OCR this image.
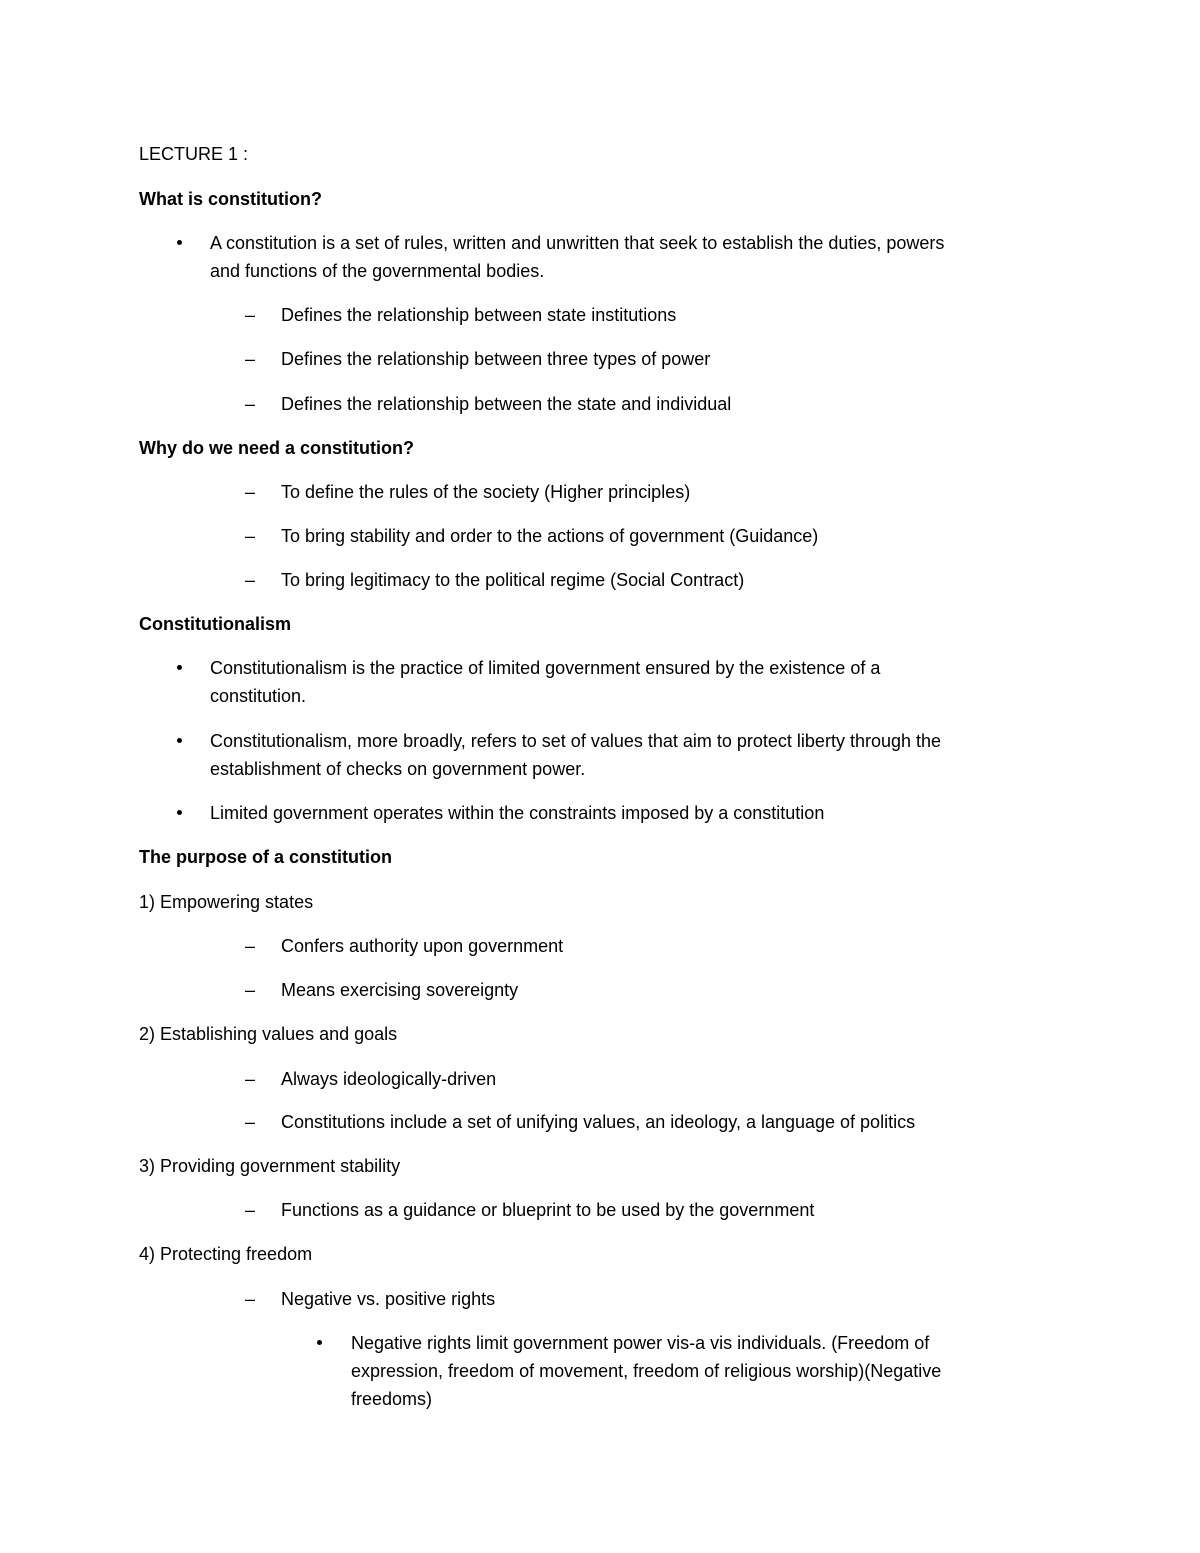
LECTURE 1 :
What is constitution?
A constitution is a set of rules, written and unwritten that seek to establish the duties, powers
and functions of the governmental bodies.
– Defines the relationship between state institutions
– Defines the relationship between three types of power
– Defines the relationship between the state and individual
Why do we need a constitution?
– To define the rules of the society (Higher principles)
– To bring stability and order to the actions of government (Guidance)
– To bring legitimacy to the political regime (Social Contract)
Constitutionalism
Constitutionalism is the practice of limited government ensured by the existence of a
constitution.
Constitutionalism, more broadly, refers to set of values that aim to protect liberty through the
establishment of checks on government power.
Limited government operates within the constraints imposed by a constitution
The purpose of a constitution
1) Empowering states
– Confers authority upon government
– Means exercising sovereignty
2) Establishing values and goals
– Always ideologically-driven
– Constitutions include a set of unifying values, an ideology, a language of politics
3) Providing government stability
– Functions as a guidance or blueprint to be used by the government
4) Protecting freedom
– Negative vs. positive rights
Negative rights limit government power vis-a vis individuals. (Freedom of
expression, freedom of movement, freedom of religious worship)(Negative
freedoms)
